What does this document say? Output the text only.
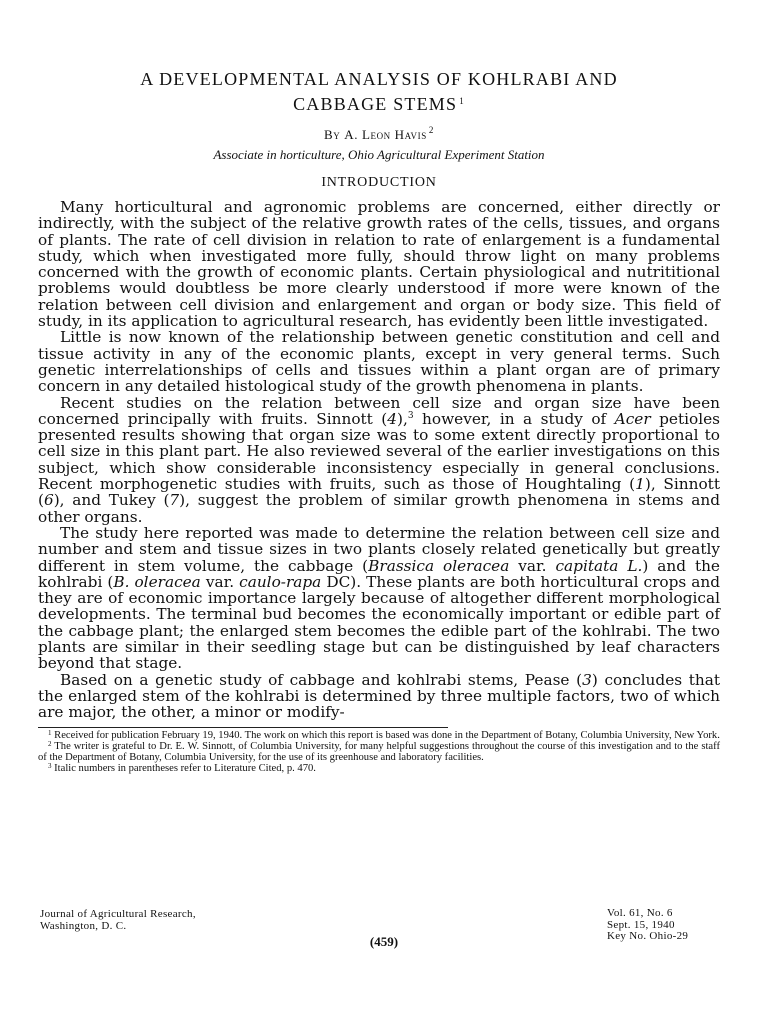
A DEVELOPMENTAL ANALYSIS OF KOHLRABI AND
CABBAGE STEMS $^1$
By A. Leon Havis $^2$
Associate in horticulture, Ohio Agricultural Experiment Station
INTRODUCTION

Many horticultural and agronomic problems are concerned, either directly or indirectly, with the subject of the relative growth rates of the cells, tissues, and organs of plants. The rate of cell division in relation to rate of enlargement is a fundamental study, which when investigated more fully, should throw light on many problems concerned with the growth of economic plants. Certain physiological and nutrititional problems would doubtless be more clearly understood if more were known of the relation between cell division and enlargement and organ or body size. This field of study, in its application to agricultural research, has evidently been little investigated.

Little is now known of the relationship between genetic constitution and cell and tissue activity in any of the economic plants, except in very general terms. Such genetic interrelationships of cells and tissues within a plant organ are of primary concern in any detailed histological study of the growth phenomena in plants.

Recent studies on the relation between cell size and organ size have been concerned principally with fruits. Sinnott (4),$^3$ however, in a study of Acer petioles presented results showing that organ size was to some extent directly proportional to cell size in this plant part. He also reviewed several of the earlier investigations on this subject, which show considerable inconsistency especially in general conclusions. Recent morphogenetic studies with fruits, such as those of Houghtaling (1), Sinnott (6), and Tukey (7), suggest the problem of similar growth phenomena in stems and other organs.

The study here reported was made to determine the relation between cell size and number and stem and tissue sizes in two plants closely related genetically but greatly different in stem volume, the cabbage (Brassica oleracea var. capitata L.) and the kohlrabi (B. oleracea var. caulo-rapa DC). These plants are both horticultural crops and they are of economic importance largely because of altogether different morphological developments. The terminal bud becomes the economically important or edible part of the cabbage plant; the enlarged stem becomes the edible part of the kohlrabi. The two plants are similar in their seedling stage but can be distinguished by leaf characters beyond that stage.

Based on a genetic study of cabbage and kohlrabi stems, Pease (3) concludes that the enlarged stem of the kohlrabi is determined by three multiple factors, two of which are major, the other, a minor or modify-

$^1$ Received for publication February 19, 1940. The work on which this report is based was done in the Department of Botany, Columbia University, New York.

$^2$ The writer is grateful to Dr. E. W. Sinnott, of Columbia University, for many helpful suggestions throughout the course of this investigation and to the staff of the Department of Botany, Columbia University, for the use of its greenhouse and laboratory facilities.

$^3$ Italic numbers in parentheses refer to Literature Cited, p. 470.

Journal of Agricultural Research,
Washington, D. C.
Vol. 61, No. 6
Sept. 15, 1940
Key No. Ohio-29
(459)
